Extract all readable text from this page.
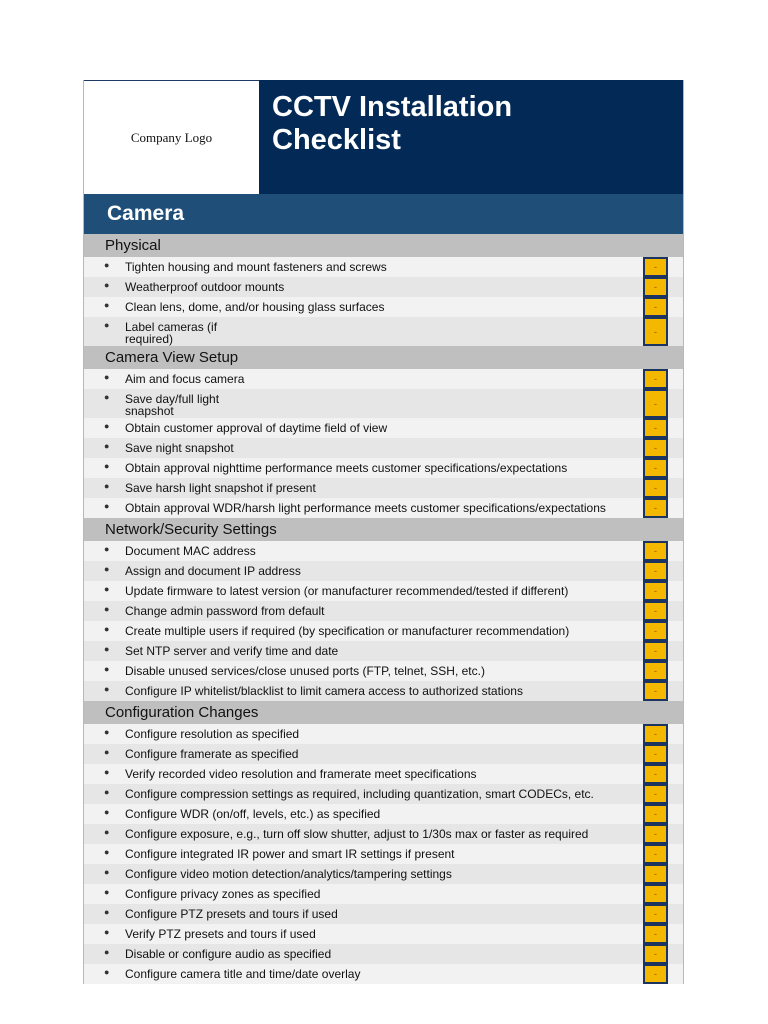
Company Logo
CCTV Installation
Checklist
Camera
Physical
● Tighten housing and mount fasteners and screws	-
● Weatherproof outdoor mounts	-
● Clean lens, dome, and/or housing glass surfaces	-
● Label cameras (if required)
-
Camera View Setup
● Aim and focus camera	-
● Save day/full light snapshot
-
● Obtain customer approval of daytime field of view	-
● Save night snapshot	-
● Obtain approval nighttime performance meets customer specifications/expectations	-
● Save harsh light snapshot if present	-
● Obtain approval WDR/harsh light performance meets customer specifications/expectations	-
Network/Security Settings
● Document MAC address	-
● Assign and document IP address	-
● Update firmware to latest version (or manufacturer recommended/tested if different)	-
● Change admin password from default	-
● Create multiple users if required (by specification or manufacturer recommendation)	-
● Set NTP server and verify time and date	-
● Disable unused services/close unused ports (FTP, telnet, SSH, etc.)	-
● Configure IP whitelist/blacklist to limit camera access to authorized stations	-
Configuration Changes
● Configure resolution as specified	-
● Configure framerate as specified	-
● Verify recorded video resolution and framerate meet specifications	-
● Configure compression settings as required, including quantization, smart CODECs, etc.	-
● Configure WDR (on/off, levels, etc.) as specified	-
● Configure exposure, e.g., turn off slow shutter, adjust to 1/30s max or faster as required	-
● Configure integrated IR power and smart IR settings if present	-
● Configure video motion detection/analytics/tampering settings	-
● Configure privacy zones as specified	-
● Configure PTZ presets and tours if used	-
● Verify PTZ presets and tours if used	-
● Disable or configure audio as specified	-
● Configure camera title and time/date overlay	-
